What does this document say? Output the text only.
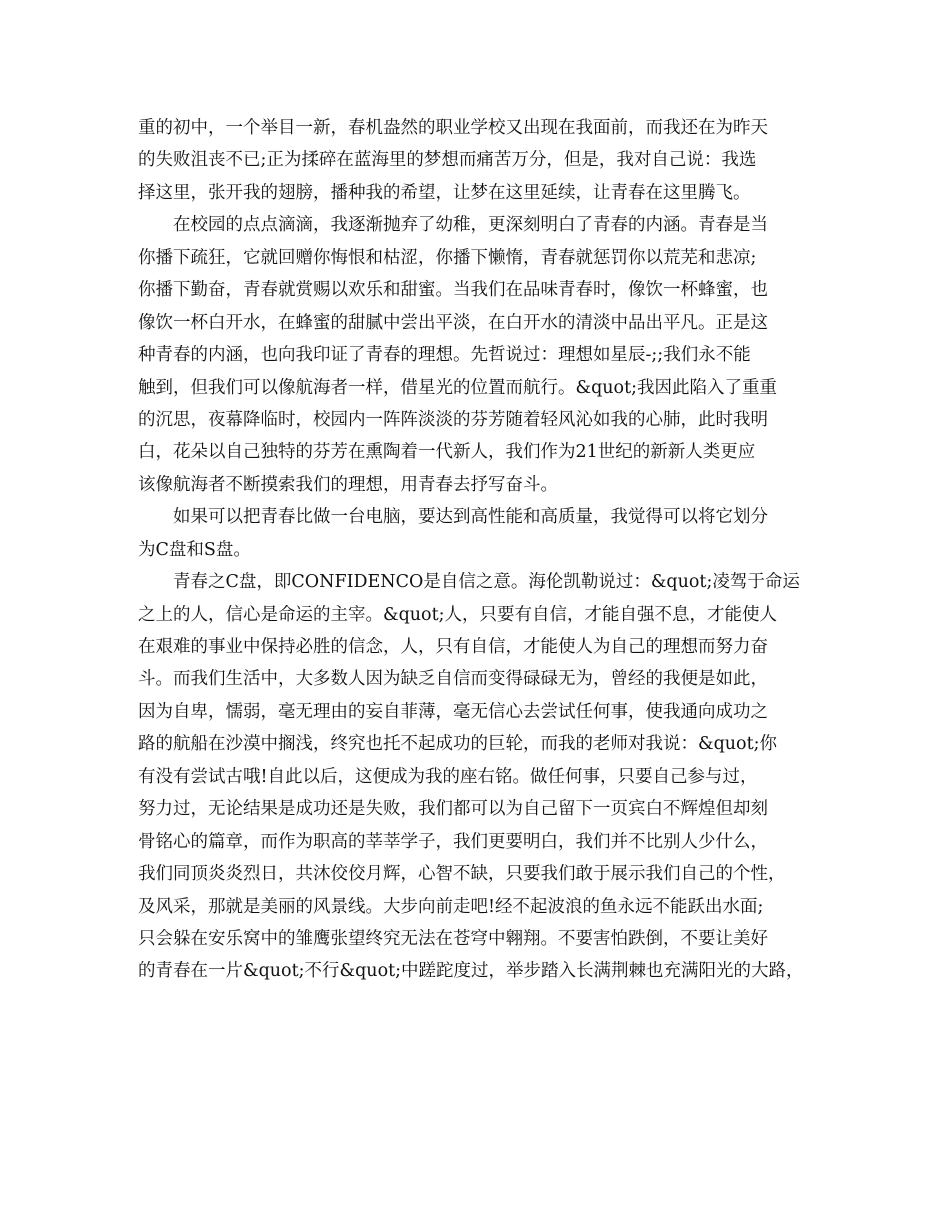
重的初中，一个举目一新，春机盎然的职业学校又出现在我面前，而我还在为昨天
的失败沮丧不已;正为揉碎在蓝海里的梦想而痛苦万分，但是，我对自己说：我选
择这里，张开我的翅膀，播种我的希望，让梦在这里延续，让青春在这里腾飞。
在校园的点点滴滴，我逐渐抛弃了幼稚，更深刻明白了青春的内涵。青春是当
你播下疏狂，它就回赠你悔恨和枯涩，你播下懒惰，青春就惩罚你以荒芜和悲凉;
你播下勤奋，青春就赏赐以欢乐和甜蜜。当我们在品味青春时，像饮一杯蜂蜜，也
像饮一杯白开水，在蜂蜜的甜腻中尝出平淡，在白开水的清淡中品出平凡。正是这
种青春的内涵，也向我印证了青春的理想。先哲说过：理想如星辰-;;我们永不能
触到，但我们可以像航海者一样，借星光的位置而航行。&quot;我因此陷入了重重
的沉思，夜幕降临时，校园内一阵阵淡淡的芬芳随着轻风沁如我的心肺，此时我明
白，花朵以自己独特的芬芳在熏陶着一代新人，我们作为21世纪的新新人类更应
该像航海者不断摸索我们的理想，用青春去抒写奋斗。
如果可以把青春比做一台电脑，要达到高性能和高质量，我觉得可以将它划分
为C盘和S盘。
青春之C盘，即CONFIDENCO是自信之意。海伦凯勒说过：&quot;凌驾于命运
之上的人，信心是命运的主宰。&quot;人，只要有自信，才能自强不息，才能使人
在艰难的事业中保持必胜的信念，人，只有自信，才能使人为自己的理想而努力奋
斗。而我们生活中，大多数人因为缺乏自信而变得碌碌无为，曾经的我便是如此，
因为自卑，懦弱，毫无理由的妄自菲薄，毫无信心去尝试任何事，使我通向成功之
路的航船在沙漠中搁浅，终究也托不起成功的巨轮，而我的老师对我说：&quot;你
有没有尝试古哦!自此以后，这便成为我的座右铭。做任何事，只要自己参与过，
努力过，无论结果是成功还是失败，我们都可以为自己留下一页宾白不辉煌但却刻
骨铭心的篇章，而作为职高的莘莘学子，我们更要明白，我们并不比别人少什么，
我们同顶炎炎烈日，共沐佼佼月辉，心智不缺，只要我们敢于展示我们自己的个性，
及风采，那就是美丽的风景线。大步向前走吧!经不起波浪的鱼永远不能跃出水面;
只会躲在安乐窝中的雏鹰张望终究无法在苍穹中翱翔。不要害怕跌倒，不要让美好
的青春在一片&quot;不行&quot;中蹉跎度过，举步踏入长满荆棘也充满阳光的大路，
